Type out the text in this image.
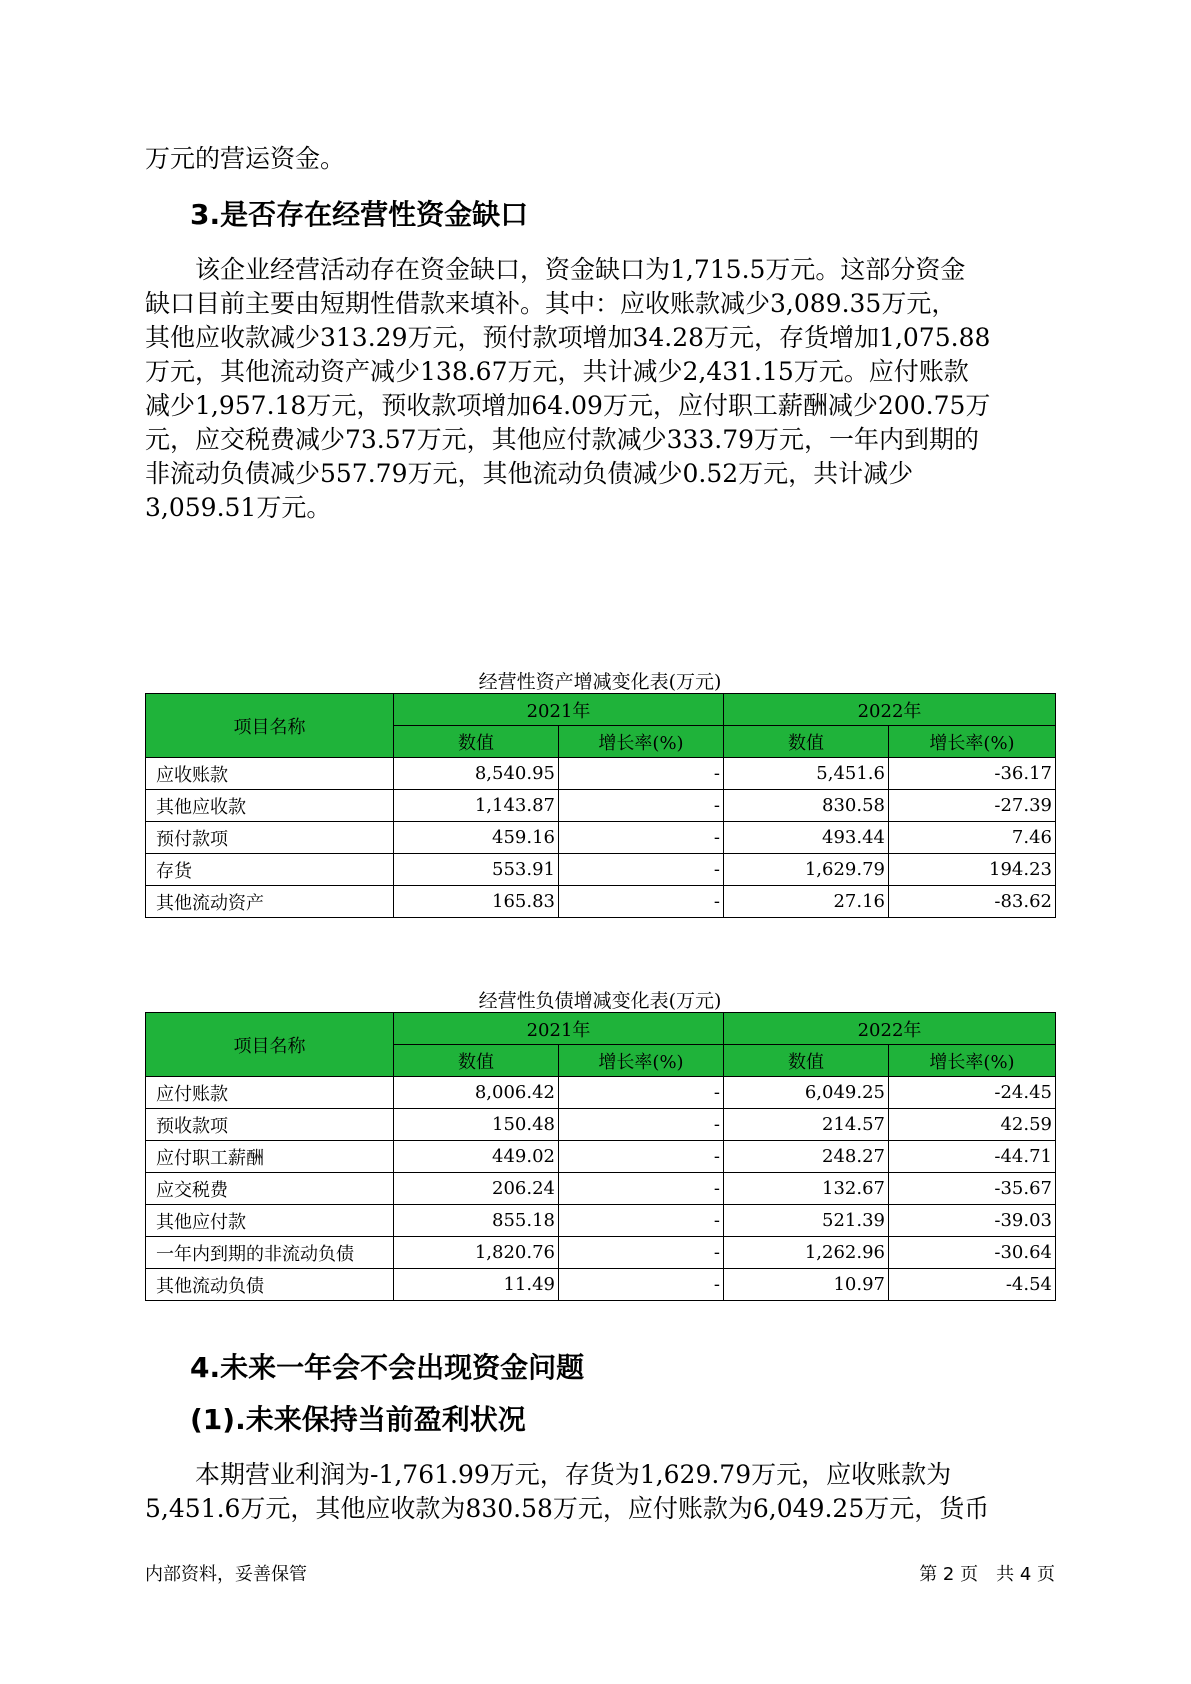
万元的营运资金。

3.是否存在经营性资金缺口

　　该企业经营活动存在资金缺口，资金缺口为1,715.5万元。这部分资金
缺口目前主要由短期性借款来填补。其中：应收账款减少3,089.35万元，
其他应收款减少313.29万元，预付款项增加34.28万元，存货增加1,075.88
万元，其他流动资产减少138.67万元，共计减少2,431.15万元。应付账款
减少1,957.18万元，预收款项增加64.09万元，应付职工薪酬减少200.75万
元，应交税费减少73.57万元，其他应付款减少333.79万元，一年内到期的
非流动负债减少557.79万元，其他流动负债减少0.52万元，共计减少
3,059.51万元。

经营性资产增减变化表(万元)

项目名称	2021年		2022年	
	数值	增长率(%)	数值	增长率(%)
应收账款	8,540.95	-	5,451.6	-36.17
其他应收款	1,143.87	-	830.58	-27.39
预付款项	459.16	-	493.44	7.46
存货	553.91	-	1,629.79	194.23
其他流动资产	165.83	-	27.16	-83.62

经营性负债增减变化表(万元)

项目名称	2021年		2022年	
	数值	增长率(%)	数值	增长率(%)
应付账款	8,006.42	-	6,049.25	-24.45
预收款项	150.48	-	214.57	42.59
应付职工薪酬	449.02	-	248.27	-44.71
应交税费	206.24	-	132.67	-35.67
其他应付款	855.18	-	521.39	-39.03
一年内到期的非流动负债	1,820.76	-	1,262.96	-30.64
其他流动负债	11.49	-	10.97	-4.54
4.未来一年会不会出现资金问题
(1).未来保持当前盈利状况

　　本期营业利润为-1,761.99万元，存货为1,629.79万元，应收账款为
5,451.6万元，其他应收款为830.58万元，应付账款为6,049.25万元，货币

内部资料，妥善保管	第 2 页　共 4 页
